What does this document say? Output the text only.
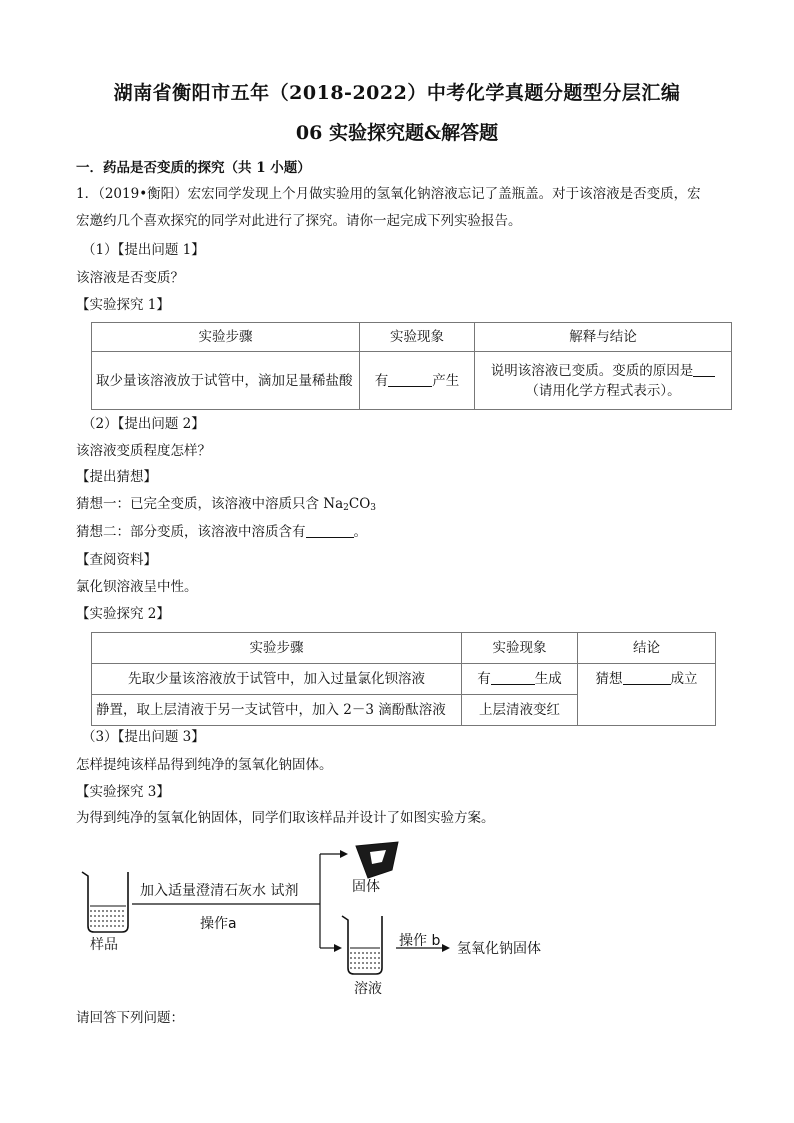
湖南省衡阳市五年（2018-2022）中考化学真题分题型分层汇编
06 实验探究题&解答题
一．药品是否变质的探究（共 1 小题）
1．（2019•衡阳）宏宏同学发现上个月做实验用的氢氧化钠溶液忘记了盖瓶盖。对于该溶液是否变质，宏
宏邀约几个喜欢探究的同学对此进行了探究。请你一起完成下列实验报告。
（1）【提出问题 1】
该溶液是否变质？
【实验探究 1】
实验步骤	实验现象	解释与结论
取少量该溶液放于试管中，滴加足量稀盐酸	有 产生	说明该溶液已变质。变质的原因是
（请用化学方程式表示）。
（2）【提出问题 2】
该溶液变质程度怎样？
【提出猜想】
猜想一：已完全变质，该溶液中溶质只含 $Na_2CO_3$
猜想二：部分变质，该溶液中溶质含有	。
【查阅资料】
氯化钡溶液呈中性。
【实验探究 2】
实验步骤	实验现象	结论
先取少量该溶液放于试管中，加入过量氯化钡溶液	有 生成	猜想 成立
静置，取上层清液于另一支试管中，加入 2－3 滴酚酞溶液	上层清液变红	
（3）【提出问题 3】
怎样提纯该样品得到纯净的氢氧化钠固体。
【实验探究 3】
为得到纯净的氢氧化钠固体，同学们取该样品并设计了如图实验方案。
加入适量澄清石灰水 试剂
操作a
样品
固体
操作 b 氢氧化钠固体
溶液
请回答下列问题：
